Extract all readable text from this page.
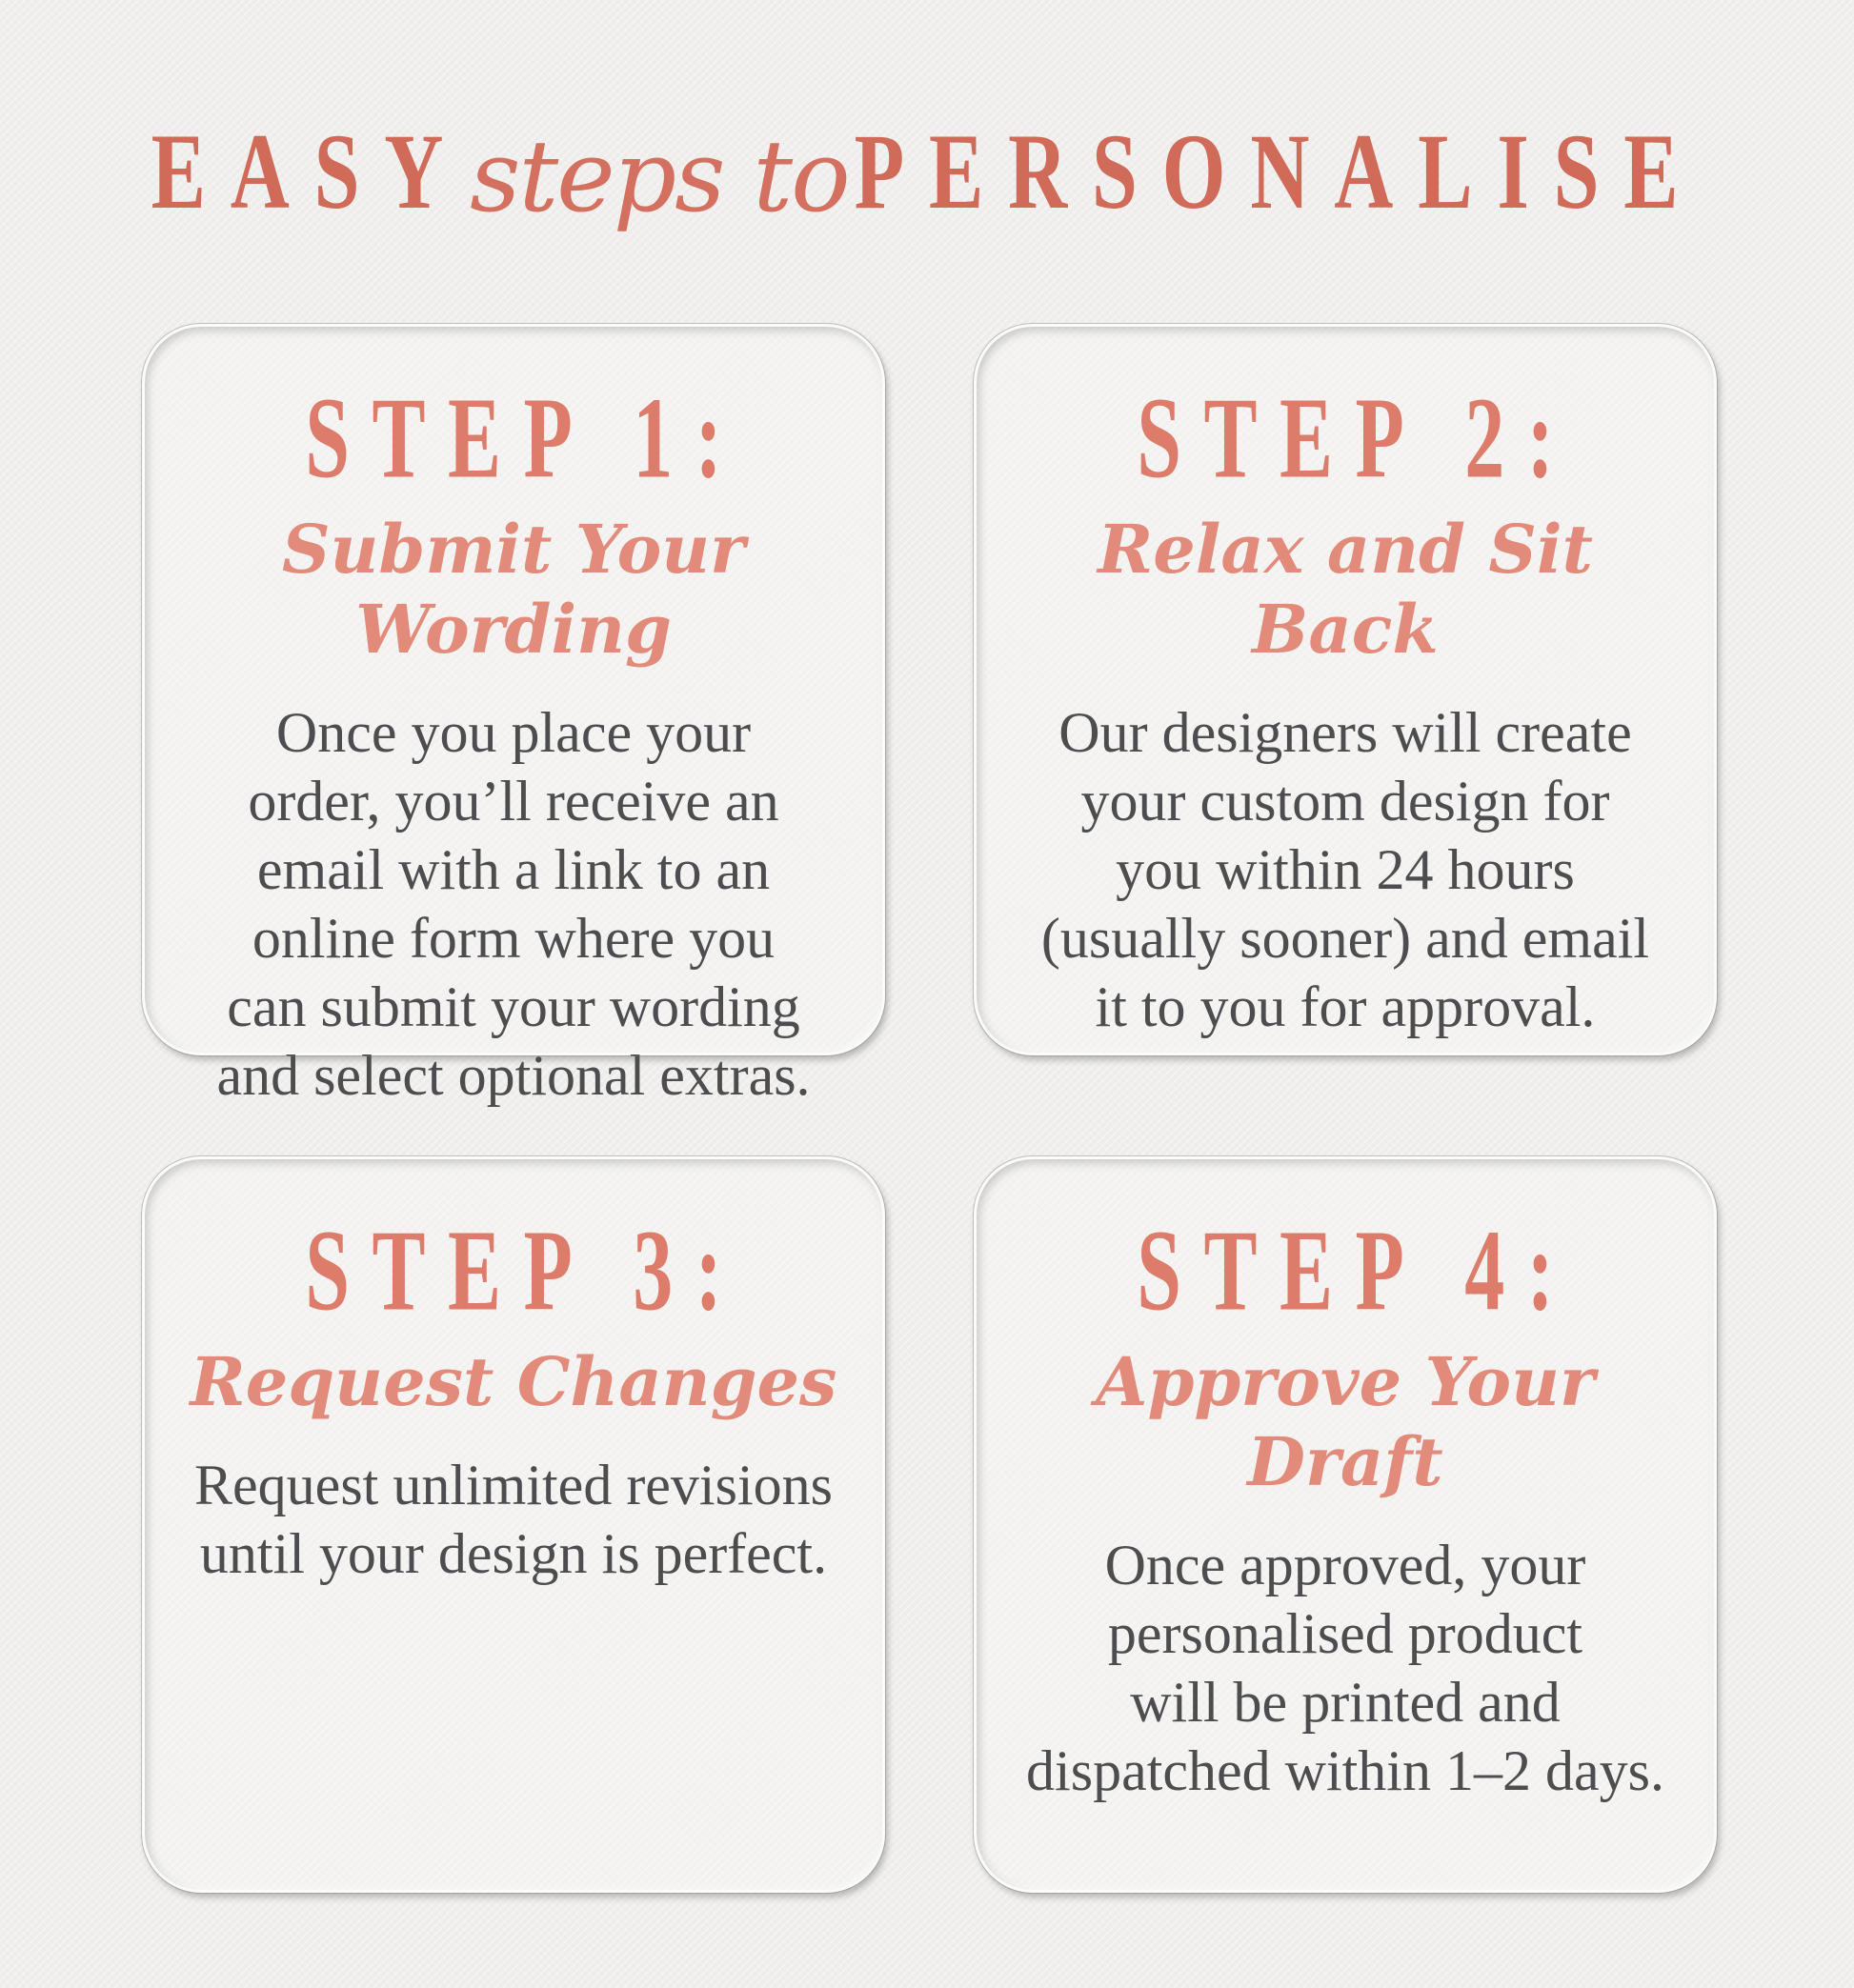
EASY steps to PERSONALISE
STEP 1:
Submit Your Wording

Once you place your order, you’ll receive an email with a link to an online form where you can submit your wording and select optional extras.

STEP 2:
Relax and Sit Back

Our designers will create your custom design for you within 24 hours (usually sooner) and email it to you for approval.

STEP 3:
Request Changes

Request unlimited revisions until your design is perfect.

STEP 4:
Approve Your Draft

Once approved, your personalised product will be printed and dispatched within 1–2 days.
